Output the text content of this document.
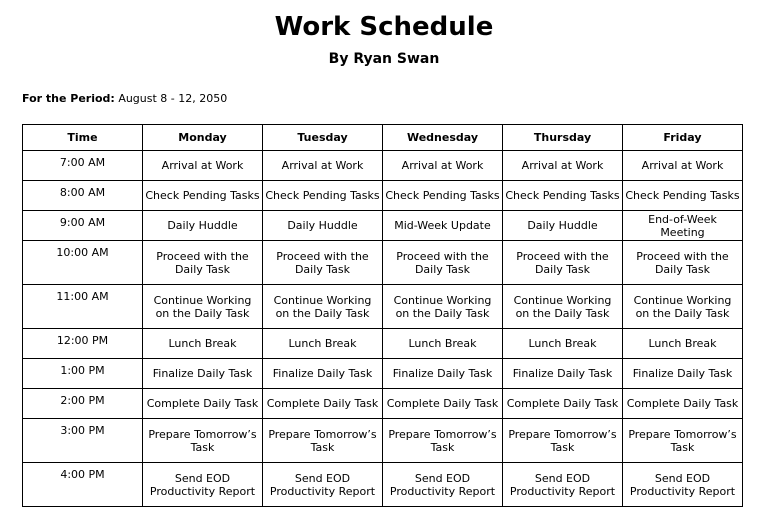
Work Schedule
By Ryan Swan
For the Period: August 8 - 12, 2050
Time	Monday	Tuesday	Wednesday	Thursday	Friday
7:00 AM	Arrival at Work	Arrival at Work	Arrival at Work	Arrival at Work	Arrival at Work
8:00 AM	Check Pending Tasks	Check Pending Tasks	Check Pending Tasks	Check Pending Tasks	Check Pending Tasks
9:00 AM	Daily Huddle	Daily Huddle	Mid-Week Update	Daily Huddle	End-of-Week Meeting
10:00 AM	Proceed with the Daily Task	Proceed with the Daily Task	Proceed with the Daily Task	Proceed with the Daily Task	Proceed with the Daily Task
11:00 AM	Continue Working on the Daily Task	Continue Working on the Daily Task	Continue Working on the Daily Task	Continue Working on the Daily Task	Continue Working on the Daily Task
12:00 PM	Lunch Break	Lunch Break	Lunch Break	Lunch Break	Lunch Break
1:00 PM	Finalize Daily Task	Finalize Daily Task	Finalize Daily Task	Finalize Daily Task	Finalize Daily Task
2:00 PM	Complete Daily Task	Complete Daily Task	Complete Daily Task	Complete Daily Task	Complete Daily Task
3:00 PM	Prepare Tomorrow’s Task	Prepare Tomorrow’s Task	Prepare Tomorrow’s Task	Prepare Tomorrow’s Task	Prepare Tomorrow’s Task
4:00 PM	Send EOD Productivity Report	Send EOD Productivity Report	Send EOD Productivity Report	Send EOD Productivity Report	Send EOD Productivity Report
